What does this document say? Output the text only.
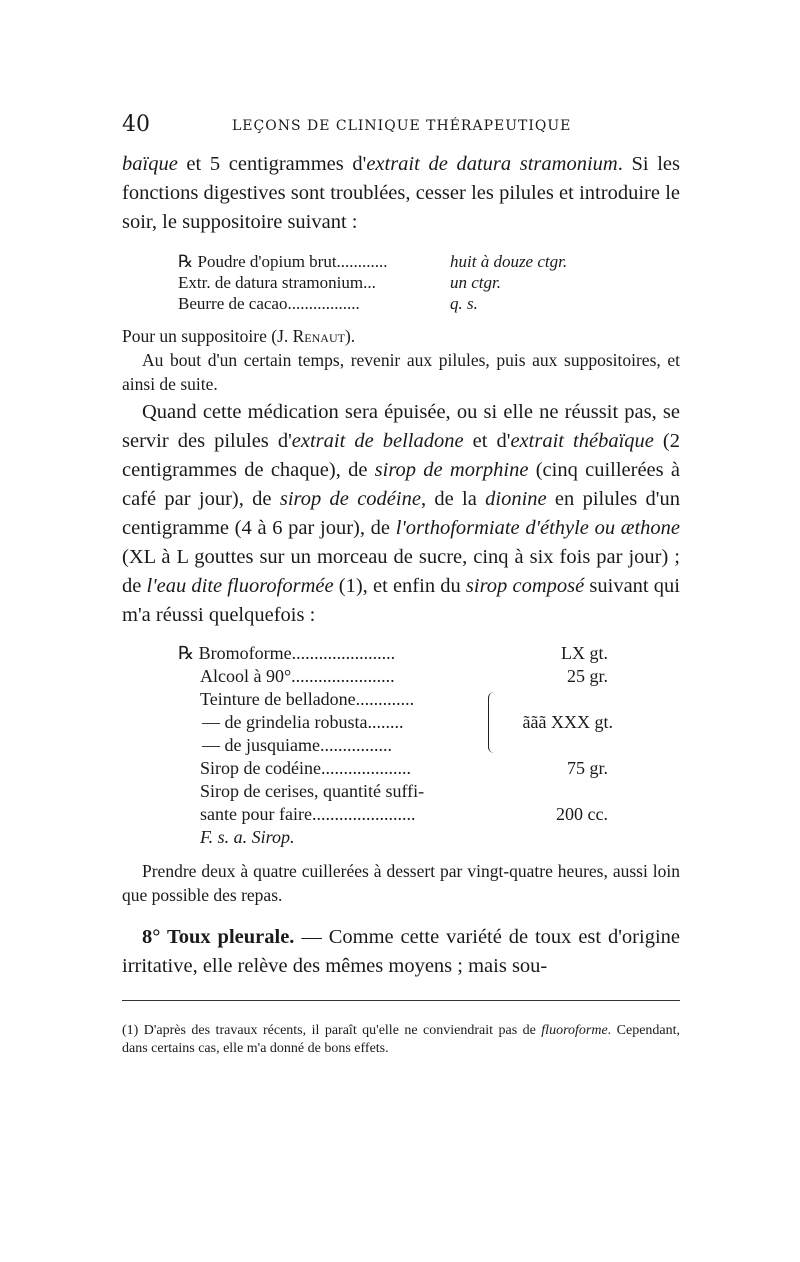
40	LEÇONS DE CLINIQUE THÉRAPEUTIQUE

baïque et 5 centigrammes d'extrait de datura stramonium. Si les fonctions digestives sont troublées, cesser les pilules et introduire le soir, le suppositoire suivant :

℞ Poudre d'opium brut............	huit à douze ctgr.
Extr. de datura stramonium...	un ctgr.
Beurre de cacao.................	q. s.

Pour un suppositoire (J. Renaut).

Au bout d'un certain temps, revenir aux pilules, puis aux suppositoires, et ainsi de suite.

Quand cette médication sera épuisée, ou si elle ne réussit pas, se servir des pilules d'extrait de belladone et d'extrait thébaïque (2 centigrammes de chaque), de sirop de morphine (cinq cuillerées à café par jour), de sirop de codéine, de la dionine en pilules d'un centigramme (4 à 6 par jour), de l'orthoformiate d'éthyle ou æthone (XL à L gouttes sur un morceau de sucre, cinq à six fois par jour) ; de l'eau dite fluoroformée (1), et enfin du sirop composé suivant qui m'a réussi quelquefois :

℞ Bromoforme.......................	LX gt.
Alcool à 90°.......................	25 gr.
Teinture de belladone.............
— de grindelia robusta........
— de jusquiame................
ããã XXX gt.
Sirop de codéine....................	75 gr.
Sirop de cerises, quantité suffi-
sante pour faire.......................	200 cc.
F. s. a. Sirop.

Prendre deux à quatre cuillerées à dessert par vingt-quatre heures, aussi loin que possible des repas.

8° Toux pleurale. — Comme cette variété de toux est d'origine irritative, elle relève des mêmes moyens ; mais sou-

(1) D'après des travaux récents, il paraît qu'elle ne conviendrait pas de fluoroforme. Cependant, dans certains cas, elle m'a donné de bons effets.
